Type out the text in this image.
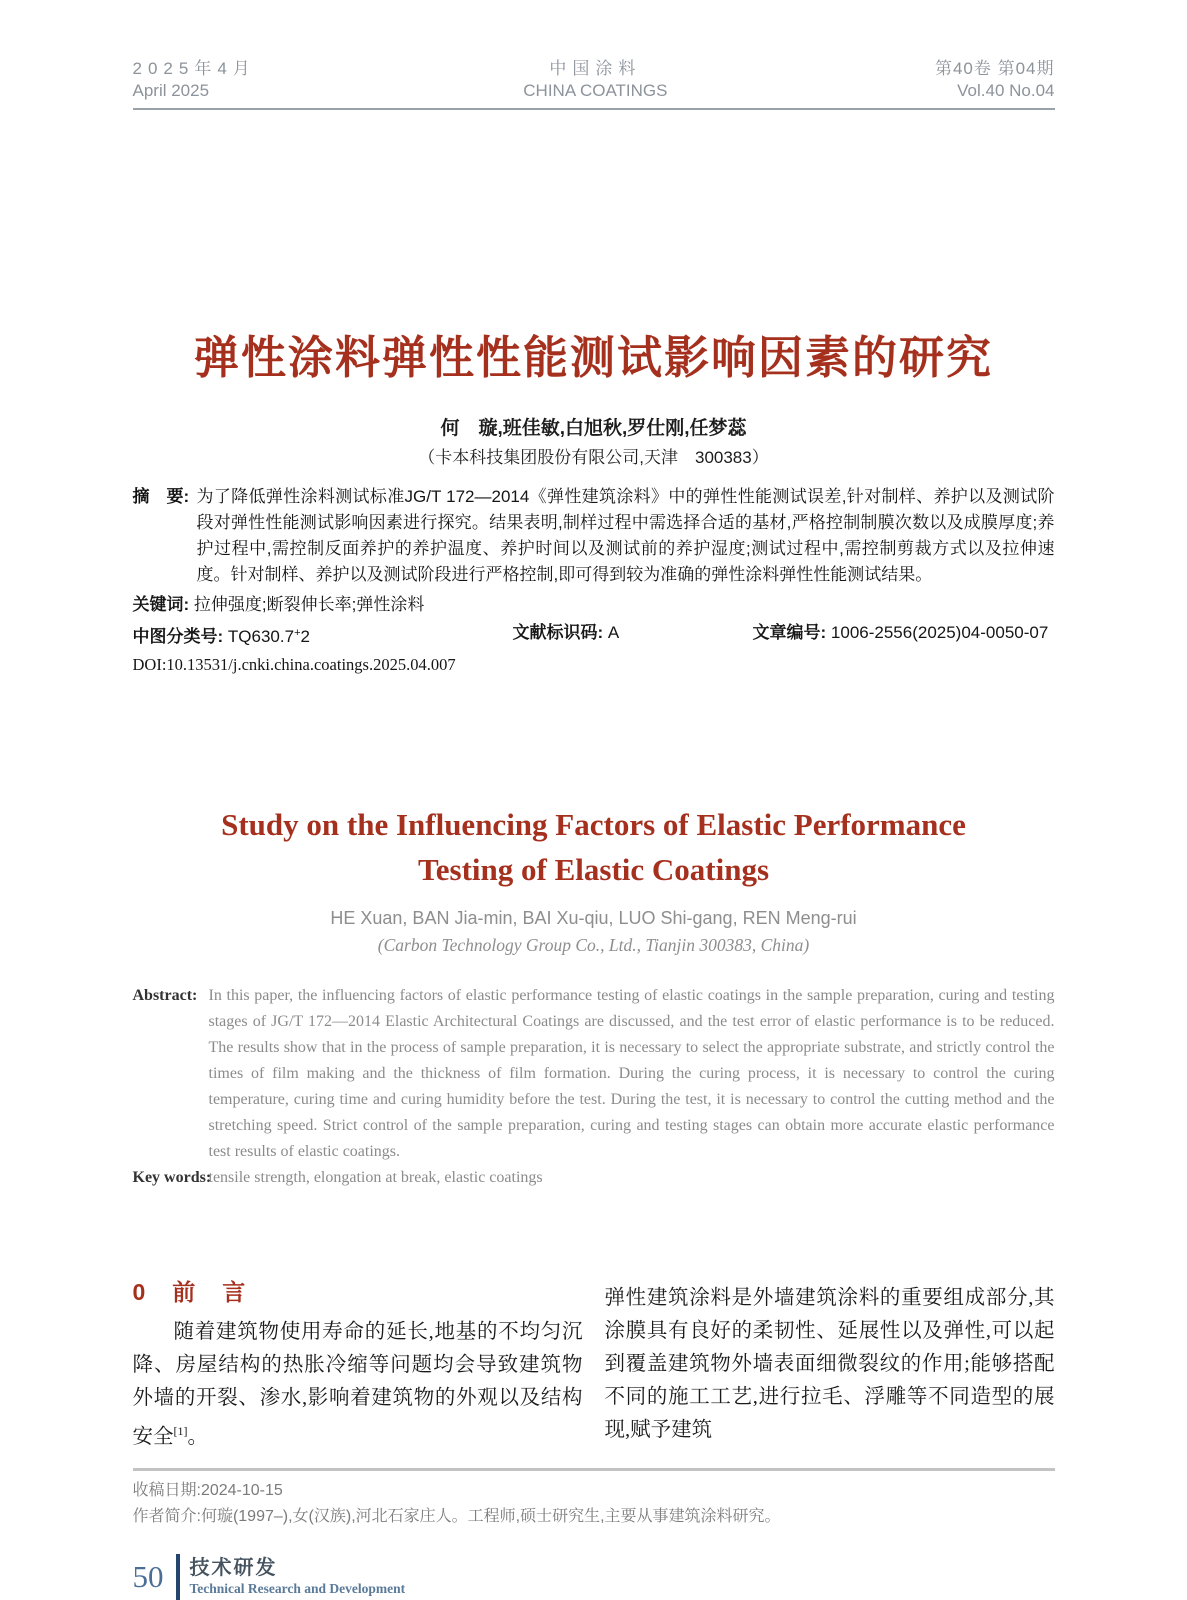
2025年4月
April 2025
中国涂料
CHINA COATINGS
第40卷 第04期
Vol.40 No.04
弹性涂料弹性性能测试影响因素的研究
何　璇,班佳敏,白旭秋,罗仕刚,任梦蕊
（卡本科技集团股份有限公司,天津　300383）
摘　要: 为了降低弹性涂料测试标准JG/T 172—2014《弹性建筑涂料》中的弹性性能测试误差,针对制样、养护以及测试阶段对弹性性能测试影响因素进行探究。结果表明,制样过程中需选择合适的基材,严格控制制膜次数以及成膜厚度;养护过程中,需控制反面养护的养护温度、养护时间以及测试前的养护湿度;测试过程中,需控制剪裁方式以及拉伸速度。针对制样、养护以及测试阶段进行严格控制,即可得到较为准确的弹性涂料弹性性能测试结果。
关键词: 拉伸强度;断裂伸长率;弹性涂料
中图分类号: TQ630.7+2	文献标识码: A	文章编号: 1006-2556(2025)04-0050-07
DOI:10.13531/j.cnki.china.coatings.2025.04.007
Study on the Influencing Factors of Elastic Performance
Testing of Elastic Coatings
HE Xuan, BAN Jia-min, BAI Xu-qiu, LUO Shi-gang, REN Meng-rui
(Carbon Technology Group Co., Ltd., Tianjin 300383, China)
Abstract: In this paper, the influencing factors of elastic performance testing of elastic coatings in the sample preparation, curing and testing stages of JG/T 172—2014 Elastic Architectural Coatings are discussed, and the test error of elastic performance is to be reduced. The results show that in the process of sample preparation, it is necessary to select the appropriate substrate, and strictly control the times of film making and the thickness of film formation. During the curing process, it is necessary to control the curing temperature, curing time and curing humidity before the test. During the test, it is necessary to control the cutting method and the stretching speed. Strict control of the sample preparation, curing and testing stages can obtain more accurate elastic performance test results of elastic coatings.
Key words:
tensile strength, elongation at break, elastic coatings
0　前　言

随着建筑物使用寿命的延长,地基的不均匀沉降、房屋结构的热胀冷缩等问题均会导致建筑物外墙的开裂、渗水,影响着建筑物的外观以及结构安全[1]。

弹性建筑涂料是外墙建筑涂料的重要组成部分,其涂膜具有良好的柔韧性、延展性以及弹性,可以起到覆盖建筑物外墙表面细微裂纹的作用;能够搭配不同的施工工艺,进行拉毛、浮雕等不同造型的展现,赋予建筑

收稿日期:2024-10-15
作者简介:何璇(1997–),女(汉族),河北石家庄人。工程师,硕士研究生,主要从事建筑涂料研究。
50 技术研发
Technical Research and Development
